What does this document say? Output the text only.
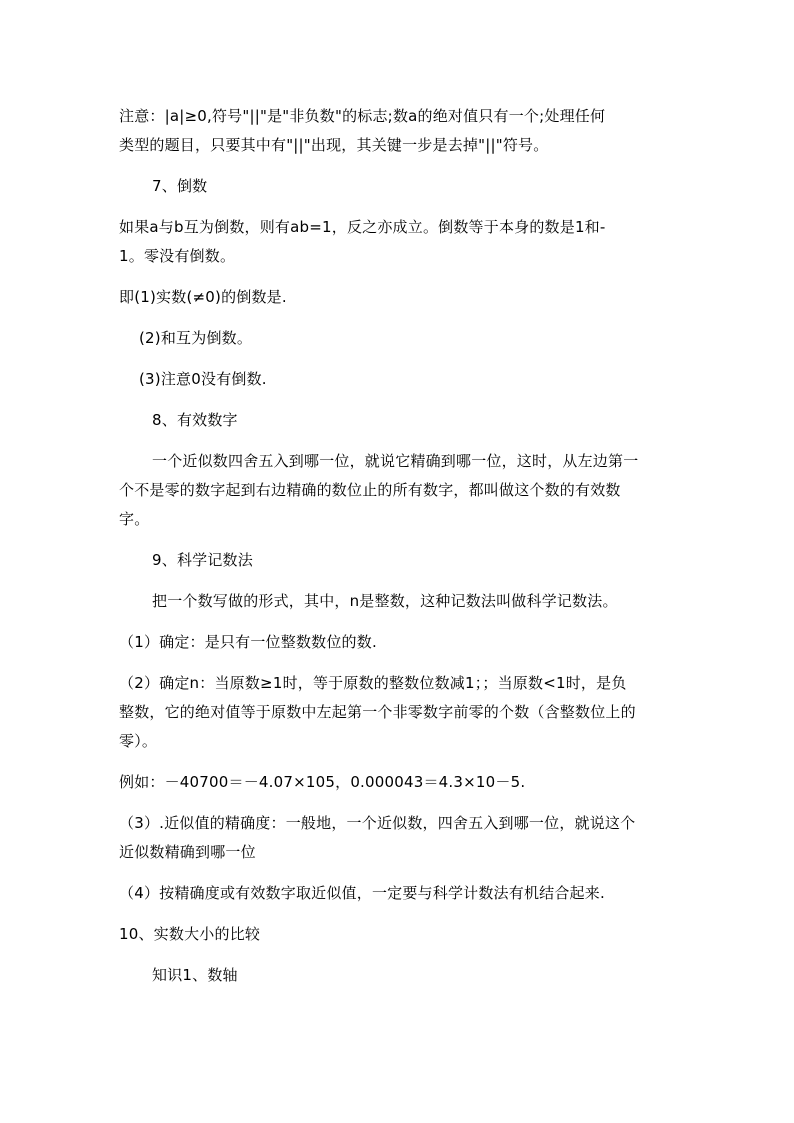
注意：|a|≥0,符号"||"是"非负数"的标志;数a的绝对值只有一个;处理任何
类型的题目，只要其中有"||"出现，其关键一步是去掉"||"符号。
7、倒数
如果a与b互为倒数，则有ab=1，反之亦成立。倒数等于本身的数是1和-
1。零没有倒数。
即(1)实数(≠0)的倒数是.
(2)和互为倒数。
(3)注意0没有倒数.
8、有效数字
一个近似数四舍五入到哪一位，就说它精确到哪一位，这时，从左边第一
个不是零的数字起到右边精确的数位止的所有数字，都叫做这个数的有效数
字。
9、科学记数法
把一个数写做的形式，其中，n是整数，这种记数法叫做科学记数法。
（1）确定：是只有一位整数数位的数.
（2）确定n：当原数≥1时，等于原数的整数位数减1；；当原数<1时，是负
整数，它的绝对值等于原数中左起第一个非零数字前零的个数（含整数位上的
零）。
例如：－40700＝－4.07×105，0.000043＝4.3×10－5.
（3）.近似值的精确度：一般地，一个近似数，四舍五入到哪一位，就说这个
近似数精确到哪一位
（4）按精确度或有效数字取近似值，一定要与科学计数法有机结合起来.
10、实数大小的比较
知识1、数轴
